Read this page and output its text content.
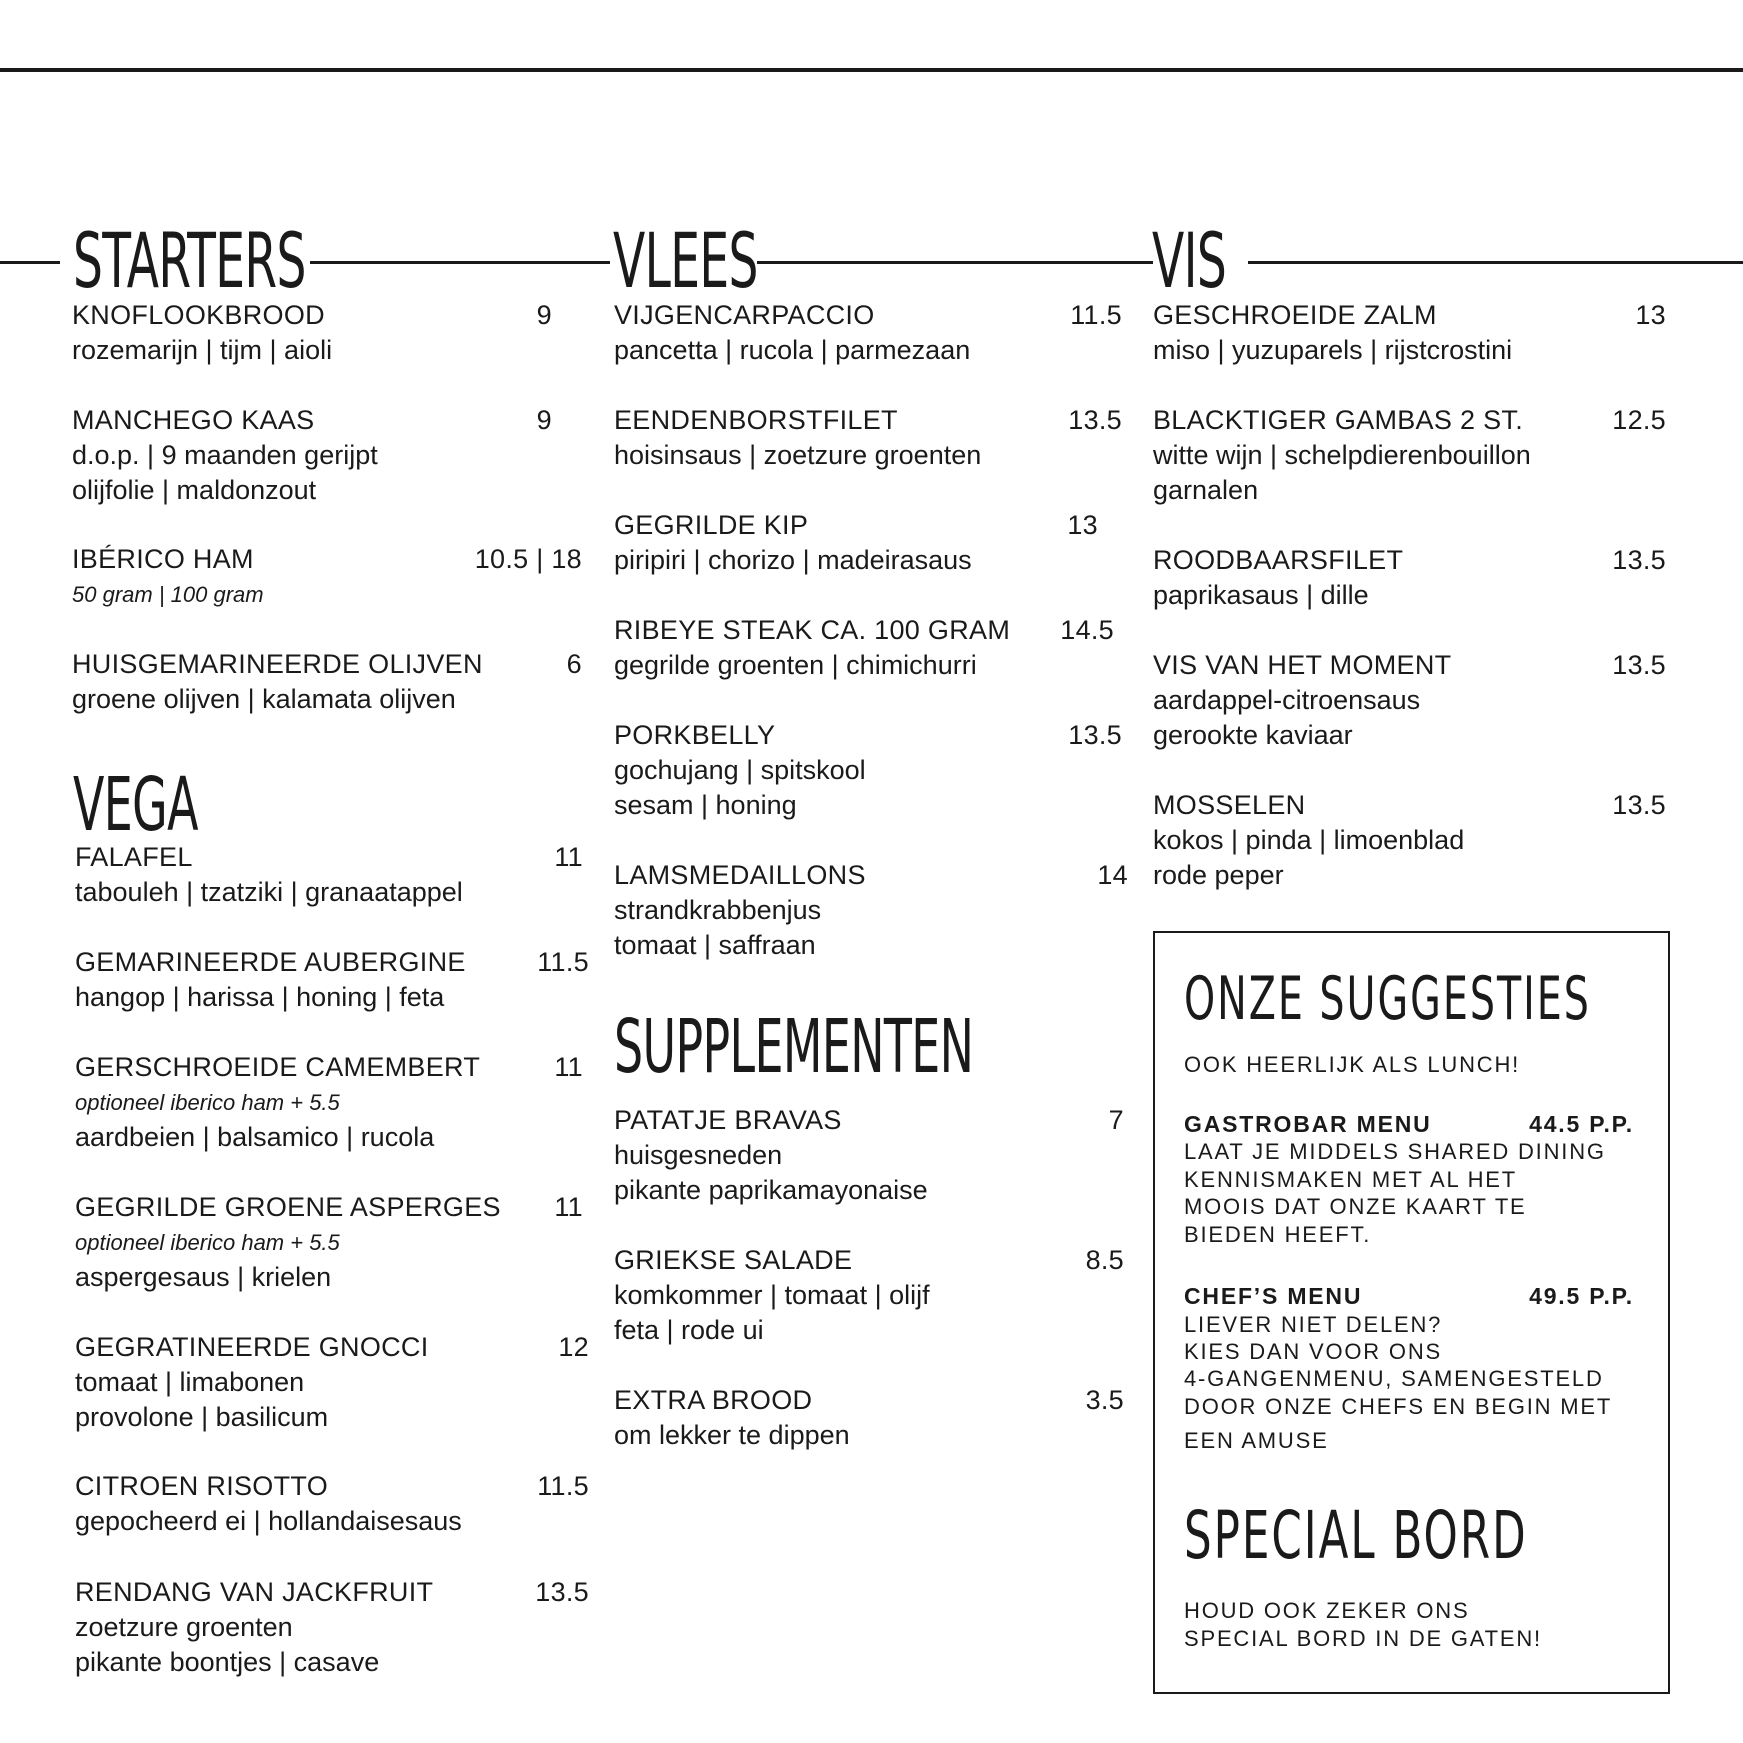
STARTERS	VLEES	VIS
VEGA
SUPPLEMENTEN
KNOFLOOKBROOD	9
rozemarijn | tijm | aioli
MANCHEGO KAAS	9
d.o.p. | 9 maanden gerijpt
olijfolie | maldonzout
IBÉRICO HAM	10.5 | 18
50 gram | 100 gram
HUISGEMARINEERDE OLIJVEN	6
groene olijven | kalamata olijven
FALAFEL	11
tabouleh | tzatziki | granaatappel
GEMARINEERDE AUBERGINE	11.5
hangop | harissa | honing | feta
GERSCHROEIDE CAMEMBERT	11
optioneel iberico ham + 5.5
aardbeien | balsamico | rucola
GEGRILDE GROENE ASPERGES	11
optioneel iberico ham + 5.5
aspergesaus | krielen
GEGRATINEERDE GNOCCI	12
tomaat | limabonen
provolone | basilicum
CITROEN RISOTTO	11.5
gepocheerd ei | hollandaisesaus
RENDANG VAN JACKFRUIT	13.5
zoetzure groenten
pikante boontjes | casave
VIJGENCARPACCIO	11.5
pancetta | rucola | parmezaan
EENDENBORSTFILET	13.5
hoisinsaus | zoetzure groenten
GEGRILDE KIP	13
piripiri | chorizo | madeirasaus
RIBEYE STEAK CA. 100 GRAM	14.5
gegrilde groenten | chimichurri
PORKBELLY	13.5
gochujang | spitskool
sesam | honing
LAMSMEDAILLONS	14
strandkrabbenjus
tomaat | saffraan
PATATJE BRAVAS	7
huisgesneden
pikante paprikamayonaise
GRIEKSE SALADE	8.5
komkommer | tomaat | olijf
feta | rode ui
EXTRA BROOD	3.5
om lekker te dippen
GESCHROEIDE ZALM	13
miso | yuzuparels | rijstcrostini
BLACKTIGER GAMBAS 2 ST.	12.5
witte wijn | schelpdierenbouillon
garnalen
ROODBAARSFILET	13.5
paprikasaus | dille
VIS VAN HET MOMENT	13.5
aardappel-citroensaus
gerookte kaviaar
MOSSELEN	13.5
kokos | pinda | limoenblad
rode peper
ONZE SUGGESTIES
OOK HEERLIJK ALS LUNCH!
GASTROBAR MENU	44.5 P.P.
LAAT JE MIDDELS SHARED DINING
KENNISMAKEN MET AL HET
MOOIS DAT ONZE KAART TE
BIEDEN HEEFT.
CHEF’S MENU	49.5 P.P.
LIEVER NIET DELEN?
KIES DAN VOOR ONS
4-GANGENMENU, SAMENGESTELD
DOOR ONZE CHEFS EN BEGIN MET
EEN AMUSE
SPECIAL BORD
HOUD OOK ZEKER ONS
SPECIAL BORD IN DE GATEN!
